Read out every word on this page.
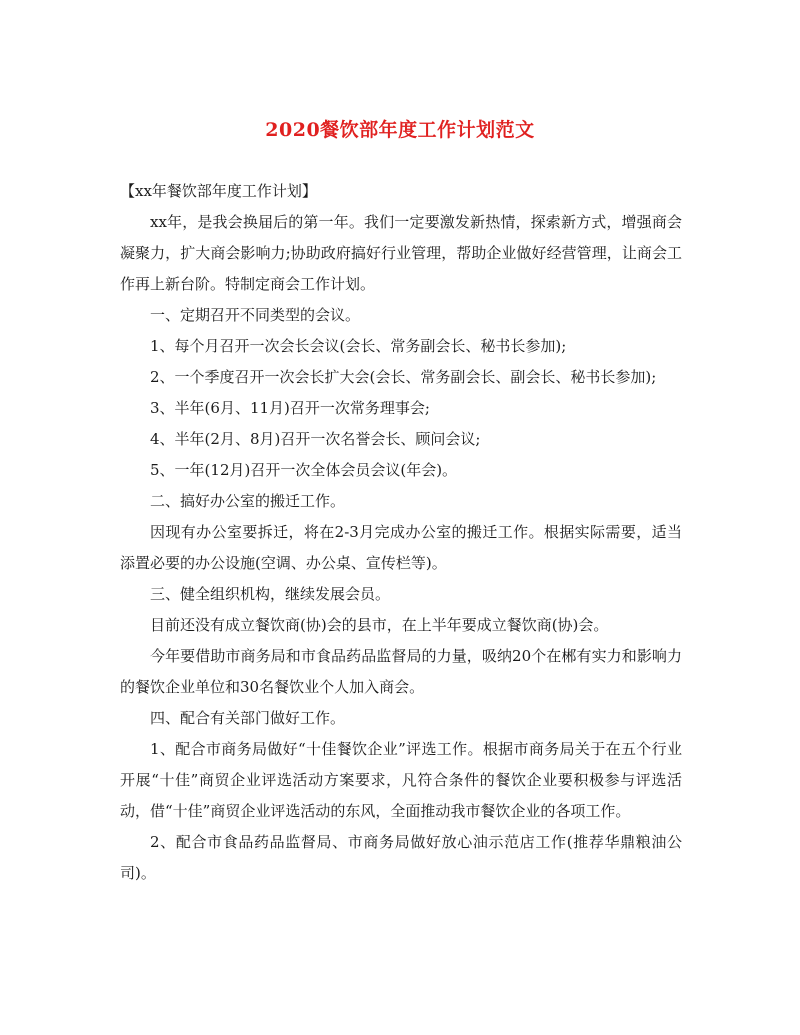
2020餐饮部年度工作计划范文

【xx年餐饮部年度工作计划】

xx年，是我会换届后的第一年。我们一定要激发新热情，探索新方式，增强商会凝聚力，扩大商会影响力;协助政府搞好行业管理，帮助企业做好经营管理，让商会工作再上新台阶。特制定商会工作计划。

一、定期召开不同类型的会议。

1、每个月召开一次会长会议(会长、常务副会长、秘书长参加);

2、一个季度召开一次会长扩大会(会长、常务副会长、副会长、秘书长参加);

3、半年(6月、11月)召开一次常务理事会;

4、半年(2月、8月)召开一次名誉会长、顾问会议;

5、一年(12月)召开一次全体会员会议(年会)。

二、搞好办公室的搬迁工作。

因现有办公室要拆迁，将在2-3月完成办公室的搬迁工作。根据实际需要，适当添置必要的办公设施(空调、办公桌、宣传栏等)。

三、健全组织机构，继续发展会员。

目前还没有成立餐饮商(协)会的县市，在上半年要成立餐饮商(协)会。

今年要借助市商务局和市食品药品监督局的力量，吸纳20个在郴有实力和影响力的餐饮企业单位和30名餐饮业个人加入商会。

四、配合有关部门做好工作。

1、配合市商务局做好“十佳餐饮企业”评选工作。根据市商务局关于在五个行业开展“十佳”商贸企业评选活动方案要求，凡符合条件的餐饮企业要积极参与评选活动，借“十佳”商贸企业评选活动的东风，全面推动我市餐饮企业的各项工作。

2、配合市食品药品监督局、市商务局做好放心油示范店工作(推荐华鼎粮油公司)。
